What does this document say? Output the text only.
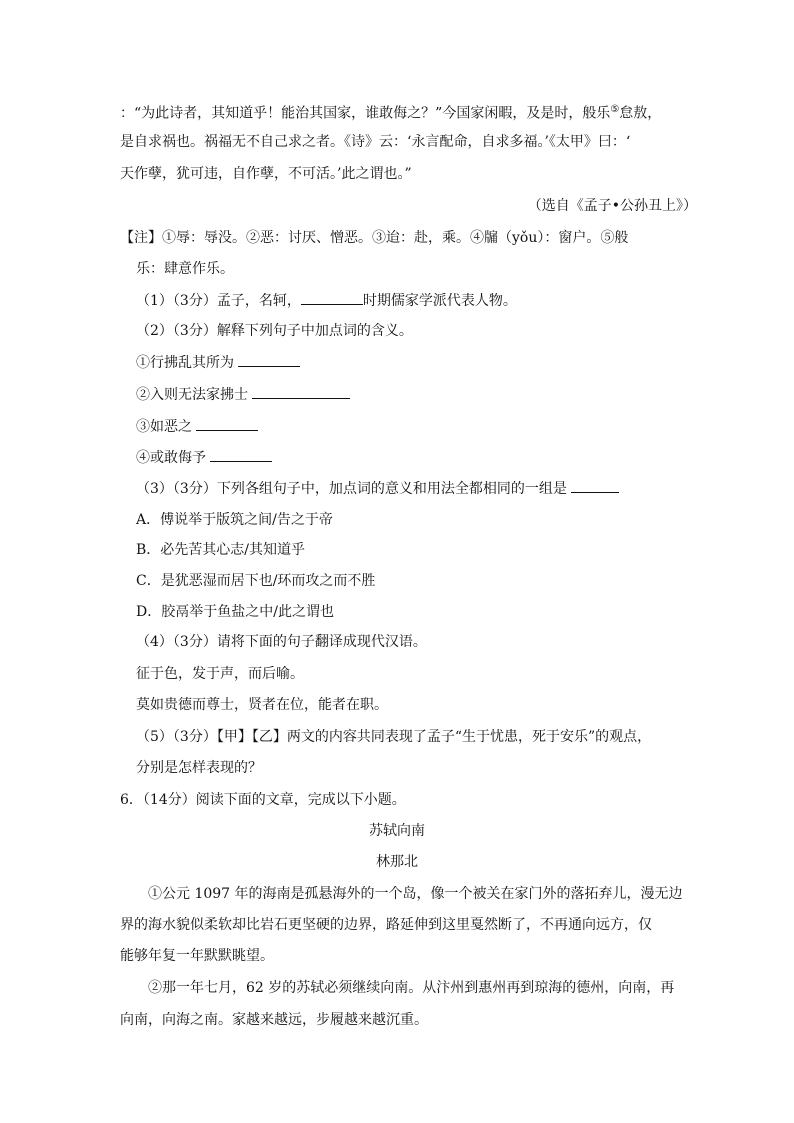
：“为此诗者，其知道乎！能治其国家，谁敢侮之？”今国家闲暇，及是时，般乐⑤怠敖，
是自求祸也。祸福无不自己求之者。《诗》云：‘永言配命，自求多福。’《太甲》曰：‘
天作孽，犹可违，自作孽，不可活。’此之谓也。”
（选自《孟子•公孙丑上》）
【注】①辱：辱没。②恶：讨厌、憎恶。③迨：赴，乘。④牖（yǒu）：窗户。⑤般
乐：肆意作乐。
（1）（3分）孟子，名轲，	时期儒家学派代表人物。
（2）（3分）解释下列句子中加点词的含义。
①行拂乱其所为
②入则无法家拂士
③如恶之
④或敢侮予
（3）（3分）下列各组句子中，加点词的意义和用法全都相同的一组是
A．傅说举于版筑之间/告之于帝
B．必先苦其心志/其知道乎
C．是犹恶湿而居下也/环而攻之而不胜
D．胶鬲举于鱼盐之中/此之谓也
（4）（3分）请将下面的句子翻译成现代汉语。
征于色，发于声，而后喻。
莫如贵德而尊士，贤者在位，能者在职。
（5）（3分）【甲】【乙】两文的内容共同表现了孟子“生于忧患，死于安乐”的观点，
分别是怎样表现的？
6．（14分）阅读下面的文章，完成以下小题。
苏轼向南
林那北
①公元 1097 年的海南是孤悬海外的一个岛，像一个被关在家门外的落拓弃儿，漫无边
界的海水貌似柔软却比岩石更坚硬的边界，路延伸到这里戛然断了，不再通向远方，仅
能够年复一年默默眺望。
②那一年七月，62 岁的苏轼必须继续向南。从汴州到惠州再到琼海的德州，向南，再
向南，向海之南。家越来越远，步履越来越沉重。
